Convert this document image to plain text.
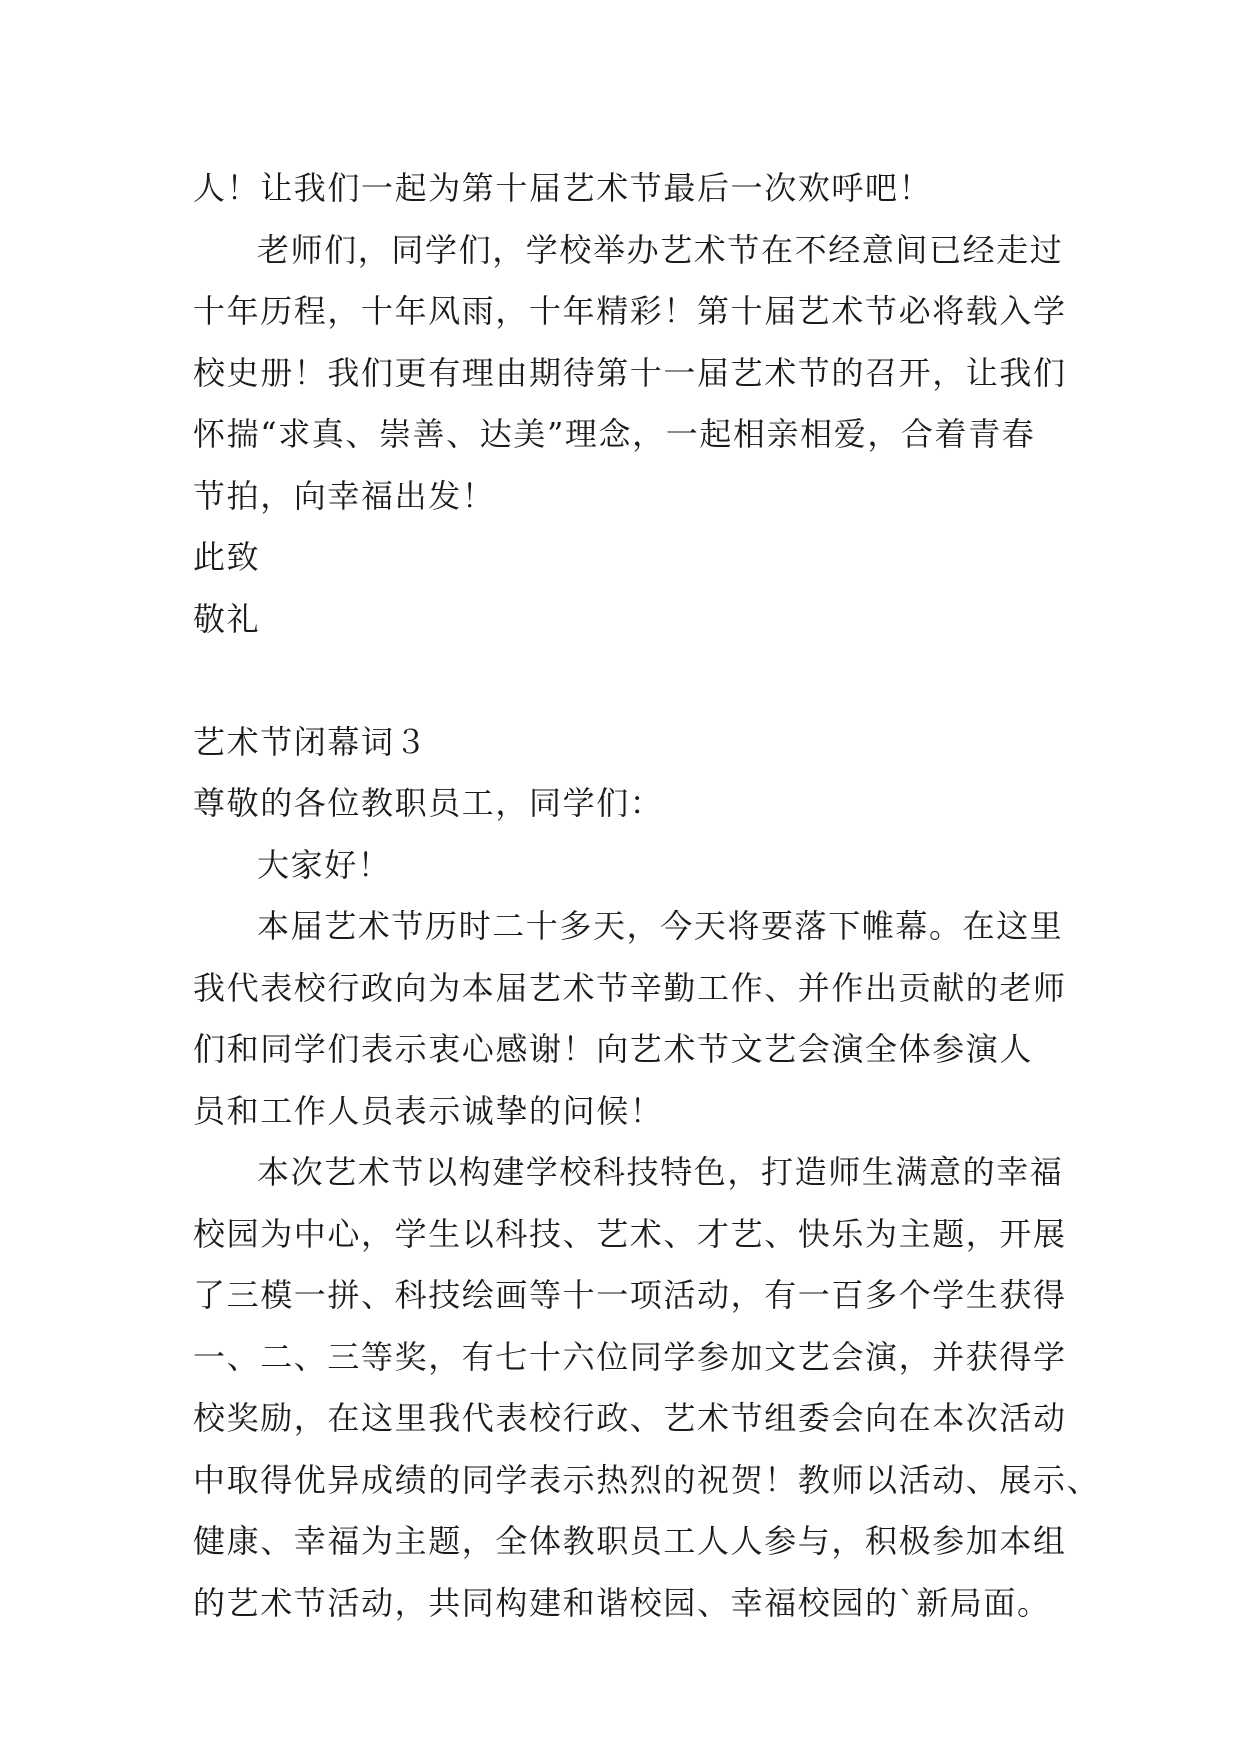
人！让我们一起为第十届艺术节最后一次欢呼吧！
老师们，同学们，学校举办艺术节在不经意间已经走过
十年历程，十年风雨，十年精彩！第十届艺术节必将载入学
校史册！我们更有理由期待第十一届艺术节的召开，让我们
怀揣“求真、崇善、达美”理念，一起相亲相爱，合着青春
节拍，向幸福出发！
此致
敬礼
艺术节闭幕词３
尊敬的各位教职员工，同学们：
大家好！
本届艺术节历时二十多天，今天将要落下帷幕。在这里
我代表校行政向为本届艺术节辛勤工作、并作出贡献的老师
们和同学们表示衷心感谢！向艺术节文艺会演全体参演人
员和工作人员表示诚挚的问候！
本次艺术节以构建学校科技特色，打造师生满意的幸福
校园为中心，学生以科技、艺术、才艺、快乐为主题，开展
了三模一拼、科技绘画等十一项活动，有一百多个学生获得
一、二、三等奖，有七十六位同学参加文艺会演，并获得学
校奖励，在这里我代表校行政、艺术节组委会向在本次活动
中取得优异成绩的同学表示热烈的祝贺！教师以活动、展示、
健康、幸福为主题，全体教职员工人人参与，积极参加本组
的艺术节活动，共同构建和谐校园、幸福校园的`新局面。
